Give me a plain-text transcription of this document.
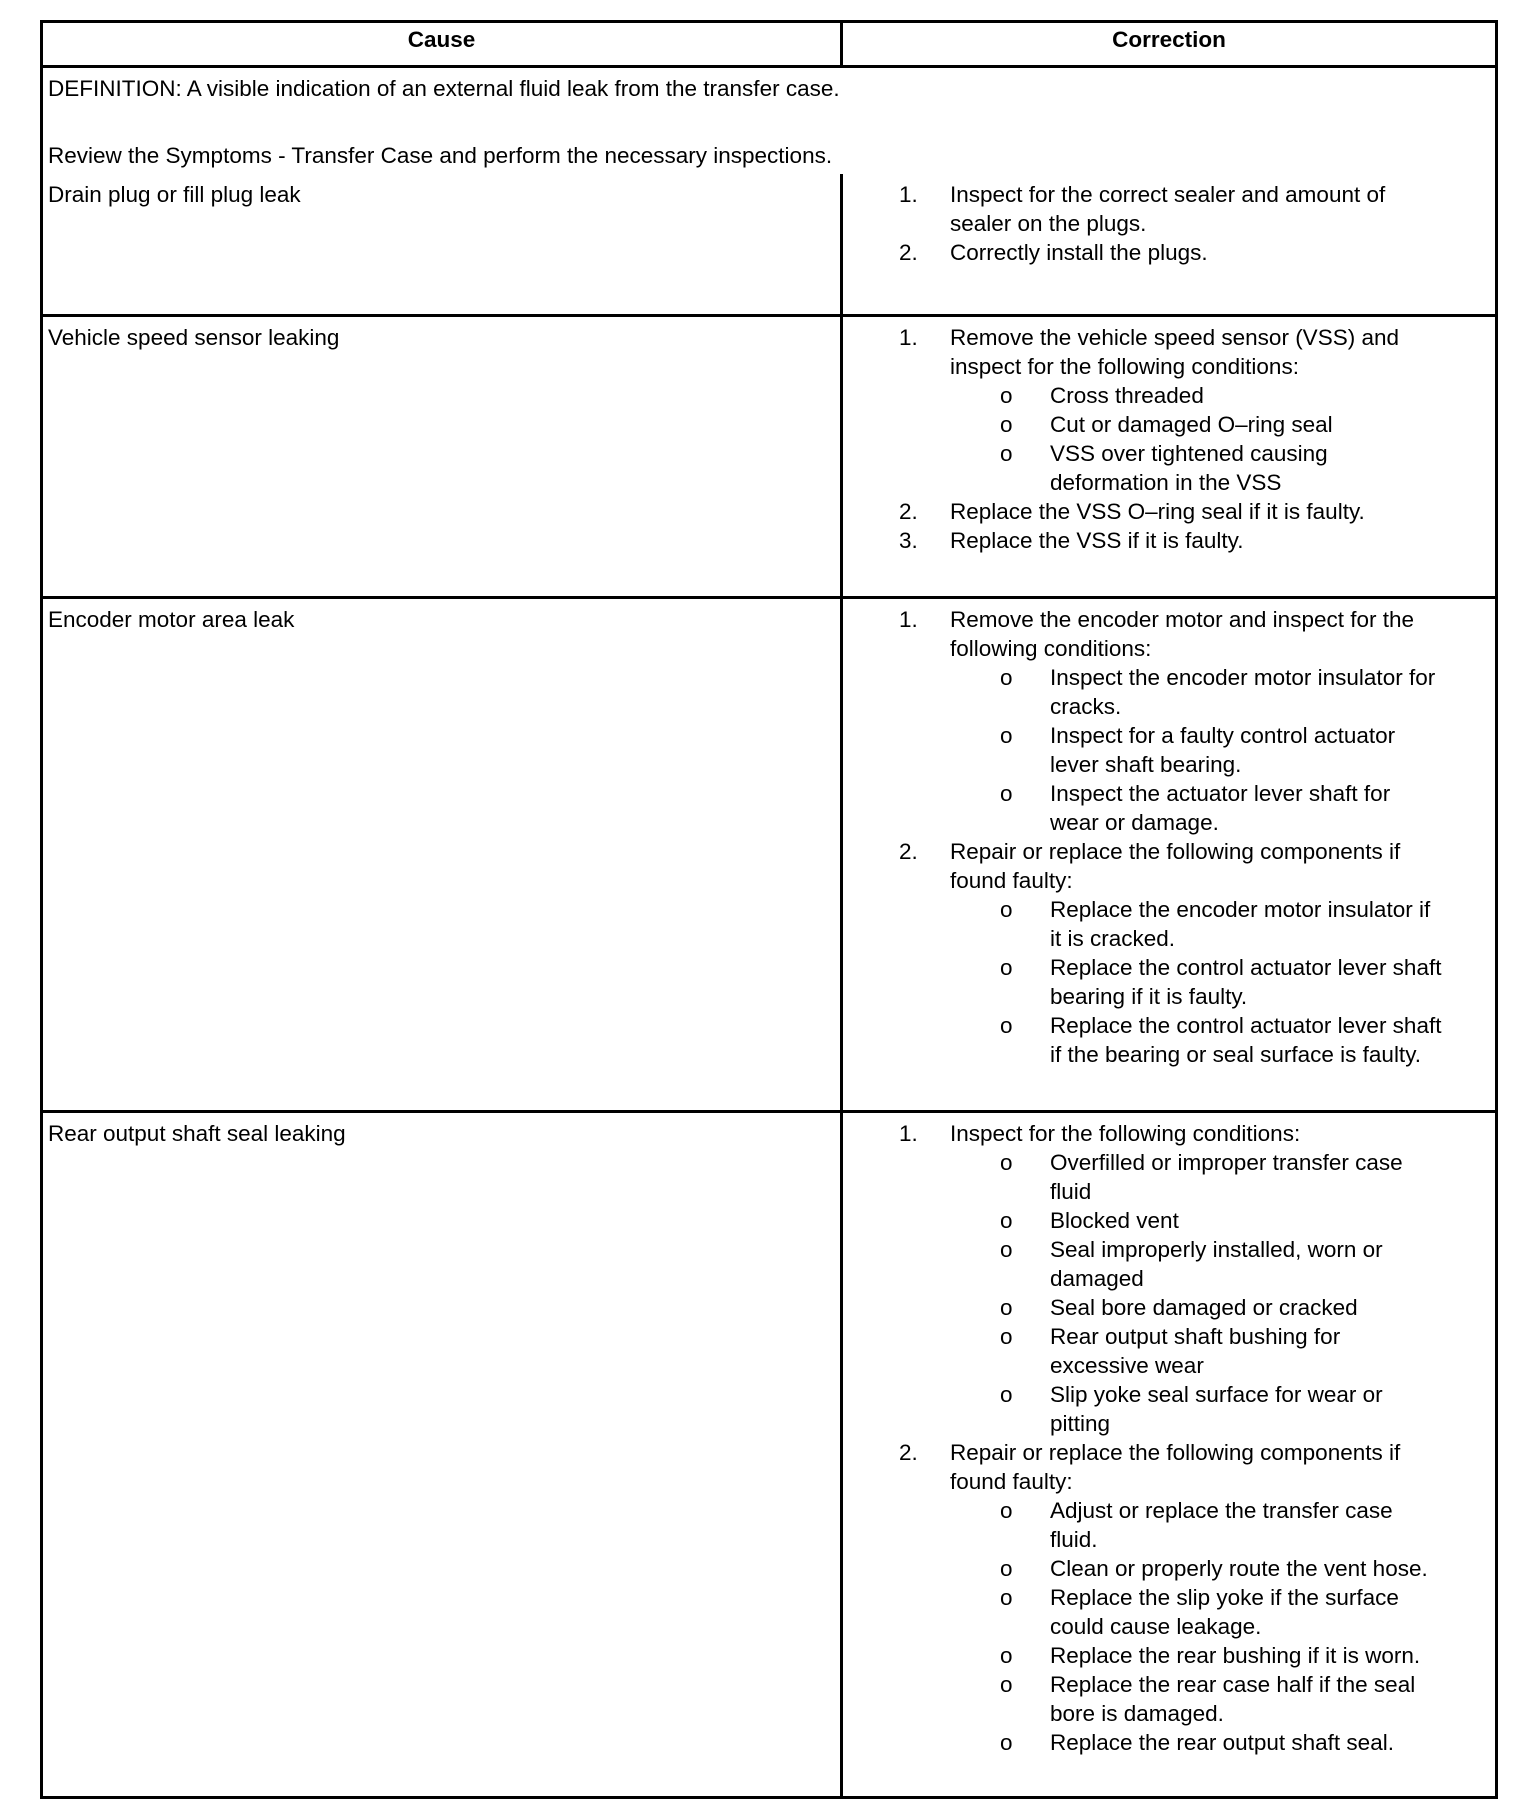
Cause	Correction

DEFINITION: A visible indication of an external fluid leak from the transfer case.

Review the Symptoms - Transfer Case and perform the necessary inspections.

Drain plug or fill plug leak	1. Inspect for the correct sealer and amount of
sealer on the plugs.
2. Correctly install the plugs.
Vehicle speed sensor leaking	1. Remove the vehicle speed sensor (VSS) and
inspect for the following conditions:
o Cross threaded
o Cut or damaged O–ring seal
o VSS over tightened causing
deformation in the VSS
2. Replace the VSS O–ring seal if it is faulty.
3. Replace the VSS if it is faulty.
Encoder motor area leak	1. Remove the encoder motor and inspect for the
following conditions:
o Inspect the encoder motor insulator for
cracks.
o Inspect for a faulty control actuator
lever shaft bearing.
o Inspect the actuator lever shaft for
wear or damage.
2. Repair or replace the following components if
found faulty:
o Replace the encoder motor insulator if
it is cracked.
o Replace the control actuator lever shaft
bearing if it is faulty.
o Replace the control actuator lever shaft
if the bearing or seal surface is faulty.
Rear output shaft seal leaking	1. Inspect for the following conditions:
o Overfilled or improper transfer case
fluid
o Blocked vent
o Seal improperly installed, worn or
damaged
o Seal bore damaged or cracked
o Rear output shaft bushing for
excessive wear
o Slip yoke seal surface for wear or
pitting
2. Repair or replace the following components if
found faulty:
o Adjust or replace the transfer case
fluid.
o Clean or properly route the vent hose.
o Replace the slip yoke if the surface
could cause leakage.
o Replace the rear bushing if it is worn.
o Replace the rear case half if the seal
bore is damaged.
o Replace the rear output shaft seal.
